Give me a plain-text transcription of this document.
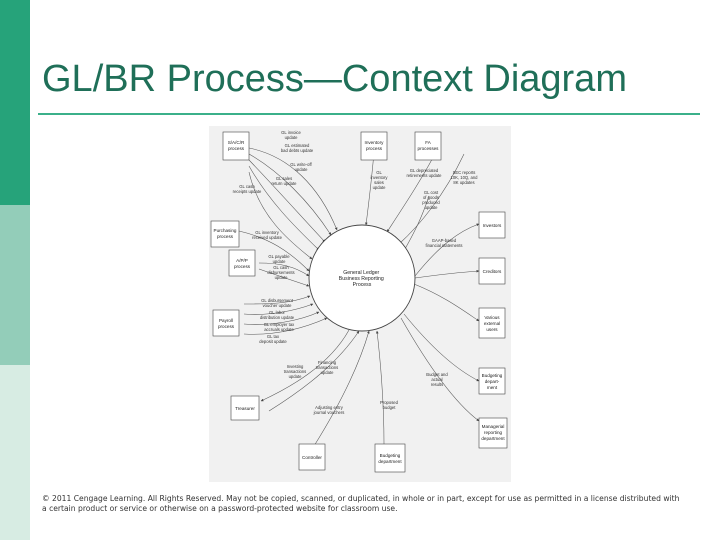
GL/BR Process—Context Diagram
General Ledger Business Reporting Process
S/A/C/R process
Inventory process
FA processes
Purchasing process
A/P/P process
Payroll process
Treasurer
Controller	Budgeting department
Investors
Creditors
Various external users
Budgeting depart-ment
Managerial reporting department
GL invoice update
GL estimated bad debts update
GL write-off update
GL sales return update
GL cash receipts update
GL inventory received update
GL payable update
GL cash disbursements update
GL inventory sales update
GL depreciated retirements update
SEC reports 10K, 10Q, and 8K updates
GL cost of goods produced update
GAAP-based financial statements
GL disbursement voucher update
GL labor distribution update
GL employer tax accruals update
GL tax deposit update
Investing transactions update
Financing transactions update
Adjusting entry journal vouchers
Proposed budget
Budget and actual results
© 2011 Cengage Learning. All Rights Reserved. May not be copied, scanned, or duplicated, in whole or in part, except for use as permitted in a license distributed with a certain product or service or otherwise on a password-protected website for classroom use.
